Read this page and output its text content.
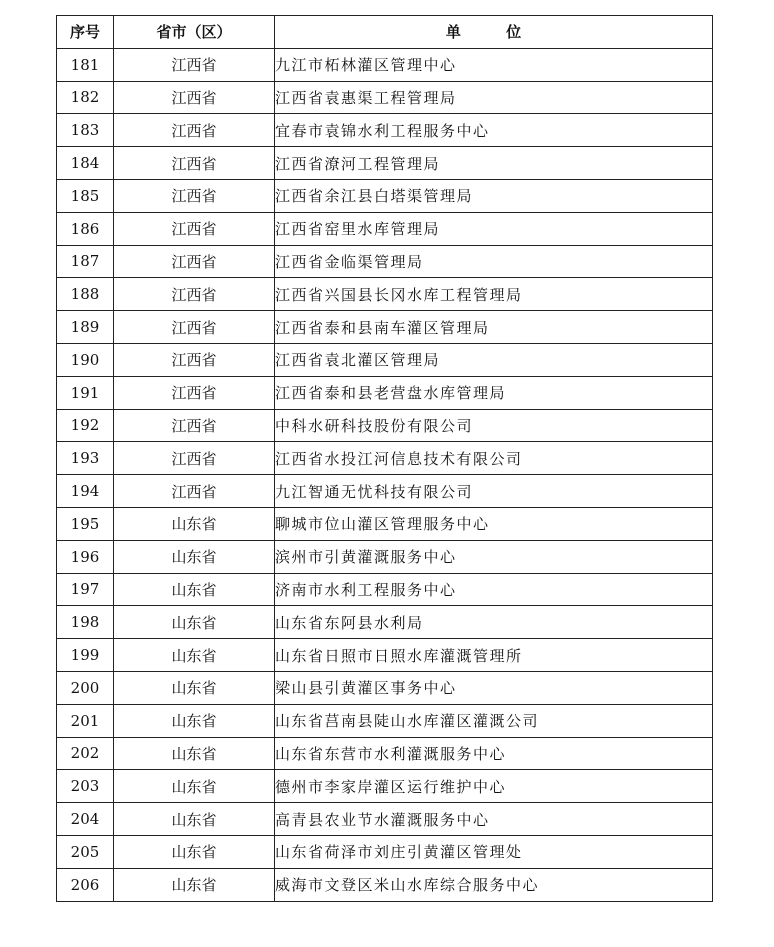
序号	省市（区）	单 位
181	江西省	九江市柘林灌区管理中心
182	江西省	江西省袁惠渠工程管理局
183	江西省	宜春市袁锦水利工程服务中心
184	江西省	江西省潦河工程管理局
185	江西省	江西省余江县白塔渠管理局
186	江西省	江西省窑里水库管理局
187	江西省	江西省金临渠管理局
188	江西省	江西省兴国县长冈水库工程管理局
189	江西省	江西省泰和县南车灌区管理局
190	江西省	江西省袁北灌区管理局
191	江西省	江西省泰和县老营盘水库管理局
192	江西省	中科水研科技股份有限公司
193	江西省	江西省水投江河信息技术有限公司
194	江西省	九江智通无忧科技有限公司
195	山东省	聊城市位山灌区管理服务中心
196	山东省	滨州市引黄灌溉服务中心
197	山东省	济南市水利工程服务中心
198	山东省	山东省东阿县水利局
199	山东省	山东省日照市日照水库灌溉管理所
200	山东省	梁山县引黄灌区事务中心
201	山东省	山东省莒南县陡山水库灌区灌溉公司
202	山东省	山东省东营市水利灌溉服务中心
203	山东省	德州市李家岸灌区运行维护中心
204	山东省	高青县农业节水灌溉服务中心
205	山东省	山东省荷泽市刘庄引黄灌区管理处
206	山东省	威海市文登区米山水库综合服务中心
